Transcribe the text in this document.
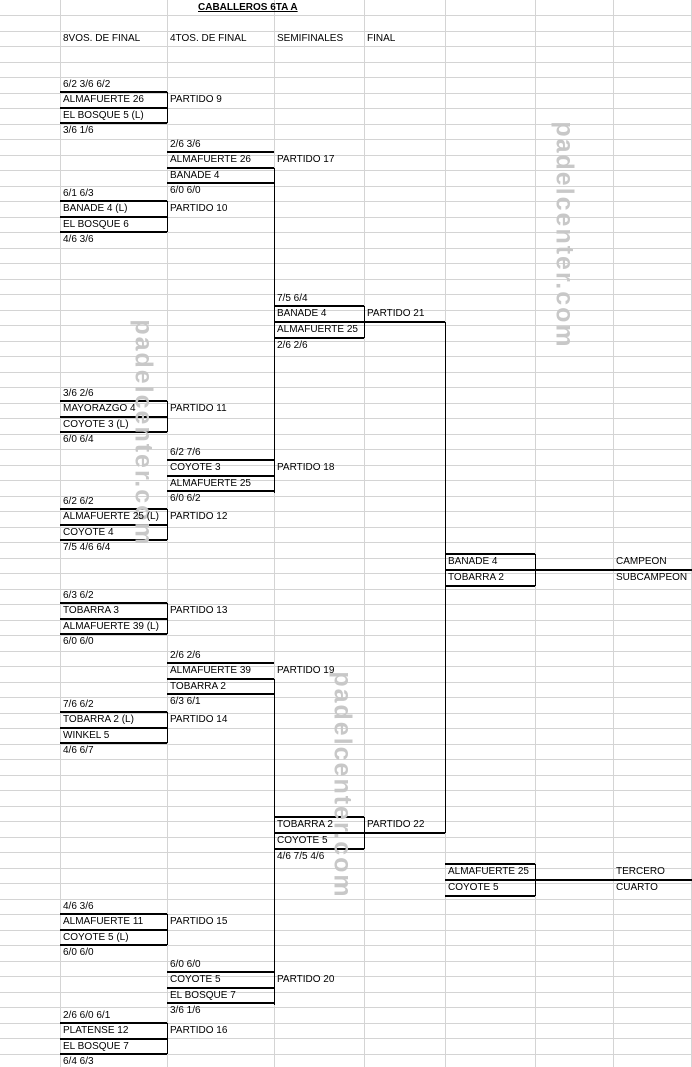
padelcenter.com
padelcenter.com
padelcenter.com
CABALLEROS 6TA A
8VOS. DE FINAL	4TOS. DE FINAL	SEMIFINALES FINAL
6/2 3/6 6/2
ALMAFUERTE 26
EL BOSQUE 5 (L)
3/6 1/6
PARTIDO 9
6/1 6/3
BANADE 4 (L)
EL BOSQUE 6
4/6 3/6
PARTIDO 10
3/6 2/6
MAYORAZGO 4
COYOTE 3 (L)
6/0 6/4
PARTIDO 11
6/2 6/2
ALMAFUERTE 25 (L)
COYOTE 4
7/5 4/6 6/4
PARTIDO 12
6/3 6/2
TOBARRA 3
ALMAFUERTE 39 (L)
6/0 6/0
PARTIDO 13
7/6 6/2
TOBARRA 2 (L)
WINKEL 5
4/6 6/7
PARTIDO 14
4/6 3/6
ALMAFUERTE 11
COYOTE 5 (L)
6/0 6/0
PARTIDO 15
2/6 6/0 6/1
PLATENSE 12
EL BOSQUE 7
6/4 6/3
PARTIDO 16
2/6 3/6
ALMAFUERTE 26
BANADE 4
6/0 6/0
PARTIDO 17
6/2 7/6
COYOTE 3
ALMAFUERTE 25
6/0 6/2
PARTIDO 18
2/6 2/6
ALMAFUERTE 39
TOBARRA 2
6/3 6/1
PARTIDO 19
6/0 6/0
COYOTE 5
EL BOSQUE 7
3/6 1/6
PARTIDO 20
7/5 6/4
BANADE 4
ALMAFUERTE 25
2/6 2/6
PARTIDO 21
TOBARRA 2
COYOTE 5
4/6 7/5 4/6
PARTIDO 22
BANADE 4
TOBARRA 2
CAMPEON
SUBCAMPEON
ALMAFUERTE 25
COYOTE 5
TERCERO
CUARTO
